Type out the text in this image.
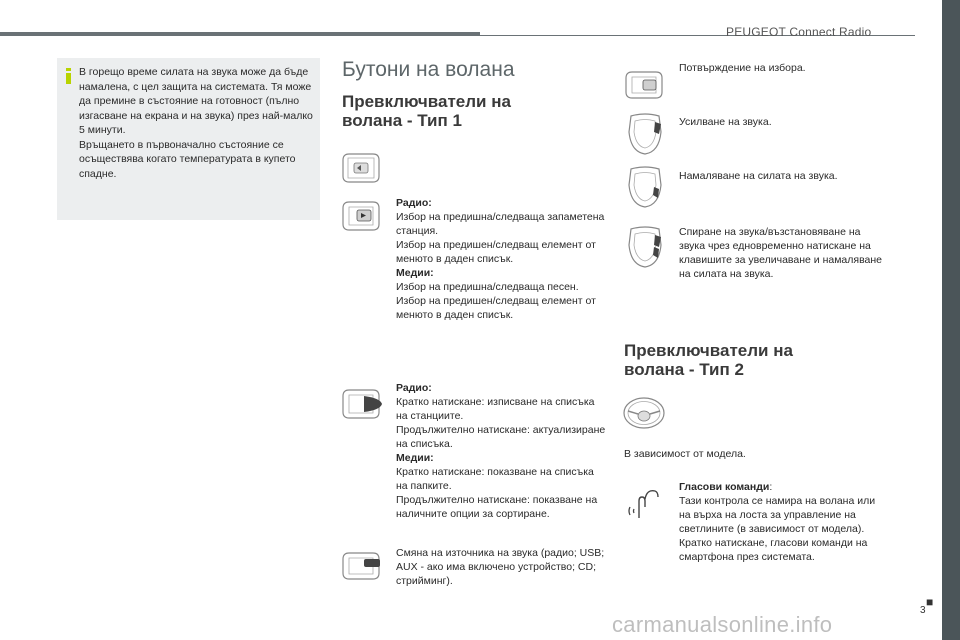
PEUGEOT Connect Radio
■
3
В горещо време силата на звука може да бъде намалена, с цел защита на системата. Тя може да премине в състояние на готовност (пълно изгасване на екрана и на звука) през най-малко 5 минути.
Връщането в първоначално състояние се осъществява когато температурата в купето спадне.
Бутони на волана
Превключватели на
волана - Тип 1
Радио:
Избор на предишна/следваща запаметена станция.
Избор на предишен/следващ елемент от менюто в даден списък.
Медии:
Избор на предишна/следваща песен.
Избор на предишен/следващ елемент от менюто в даден списък.
Радио:
Кратко натискане: изписване на списъка на станциите.
Продължително натискане: актуализиране на списъка.
Медии:
Кратко натискане: показване на списъка на папките.
Продължително натискане: показване на наличните опции за сортиране.
Смяна на източника на звука (радио; USB; AUX - ако има включено устройство; CD; стрийминг).
Потвърждение на избора.
Усилване на звука.
Намаляване на силата на звука.
Спиране на звука/възстановяване на звука чрез едновременно натискане на клавишите за увеличаване и намаляване на силата на звука.
Превключватели на
волана - Тип 2
В зависимост от модела.
Гласови команди:
Тази контрола се намира на волана или на върха на лоста за управление на светлините (в зависимост от модела).
Кратко натискане, гласови команди на смартфона през системата.
carmanualsonline.info
